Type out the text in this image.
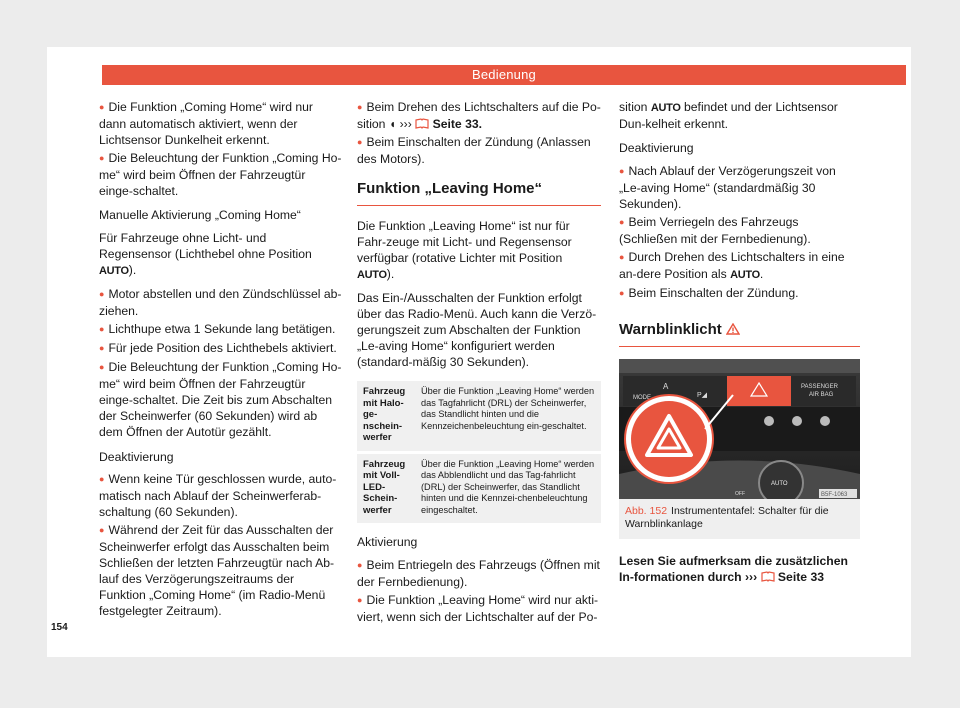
Bedienung

● Die Funktion „Coming Home“ wird nur dann automatisch aktiviert, wenn der Lichtsensor Dunkelheit erkennt.

● Die Beleuchtung der Funktion „Coming Ho-me“ wird beim Öffnen der Fahrzeugtür einge-schaltet.

Manuelle Aktivierung „Coming Home“

Für Fahrzeuge ohne Licht- und Regensensor (Lichthebel ohne Position AUTO).

● Motor abstellen und den Zündschlüssel ab-ziehen.

● Lichthupe etwa 1 Sekunde lang betätigen.

● Für jede Position des Lichthebels aktiviert.

● Die Beleuchtung der Funktion „Coming Ho-me“ wird beim Öffnen der Fahrzeugtür einge-schaltet. Die Zeit bis zum Abschalten der Scheinwerfer (60 Sekunden) wird ab dem Öffnen der Autotür gezählt.

Deaktivierung

● Wenn keine Tür geschlossen wurde, auto-matisch nach Ablauf der Scheinwerferab-schaltung (60 Sekunden).

● Während der Zeit für das Ausschalten der Scheinwerfer erfolgt das Ausschalten beim Schließen der letzten Fahrzeugtür nach Ab-lauf des Verzögerungszeitraums der Funktion „Coming Home“ (im Radio-Menü festgelegter Zeitraum).

● Beim Drehen des Lichtschalters auf die Po-sition ◖ ››› Seite 33.

● Beim Einschalten der Zündung (Anlassen des Motors).

Funktion „Leaving Home“

Die Funktion „Leaving Home“ ist nur für Fahr-zeuge mit Licht- und Regensensor verfügbar (rotative Lichter mit Position AUTO).

Das Ein-/Ausschalten der Funktion erfolgt über das Radio-Menü. Auch kann die Verzö-gerungszeit zum Abschalten der Funktion „Le-aving Home“ konfiguriert werden (standard-mäßig 30 Sekunden).

Fahrzeug mit Halo-ge-nschein-werfer	Über die Funktion „Leaving Home“ werden das Tagfahrlicht (DRL) der Scheinwerfer, das Standlicht hinten und die Kennzeichenbeleuchtung ein-geschaltet.
Fahrzeug mit Voll-LED-Schein-werfer	Über die Funktion „Leaving Home“ werden das Abblendlicht und das Tag-fahrlicht (DRL) der Scheinwerfer, das Standlicht hinten und die Kennzei-chenbeleuchtung eingeschaltet.

Aktivierung

● Beim Entriegeln des Fahrzeugs (Öffnen mit der Fernbedienung).

● Die Funktion „Leaving Home“ wird nur akti-viert, wenn sich der Lichtschalter auf der Po-

sition AUTO befindet und der Lichtsensor Dun-kelheit erkennt.

Deaktivierung

● Nach Ablauf der Verzögerungszeit von „Le-aving Home“ (standardmäßig 30 Sekunden).

● Beim Verriegeln des Fahrzeugs (Schließen mit der Fernbedienung).

● Durch Drehen des Lichtschalters in eine an-dere Position als AUTO.

● Beim Einschalten der Zündung.

Warnblinklicht
MODE
A
P◢
PASSENGER
AIR BAG
AUTO
OFF	B5F-1063
Abb. 152 Instrumententafel: Schalter für die Warnblinkanlage

Lesen Sie aufmerksam die zusätzlichen In-formationen durch ››› Seite 33

154
